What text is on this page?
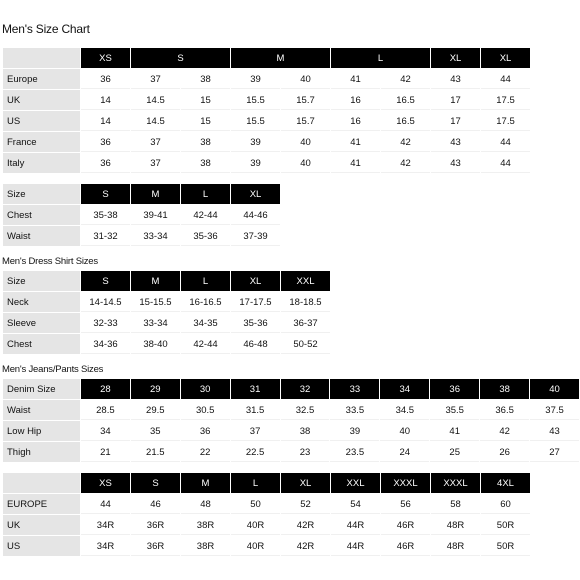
Men's Size Chart
	XS	S		M		L		XL	XL
Europe	36	37	38	39	40	41	42	43	44
UK	14	14.5	15	15.5	15.7	16	16.5	17	17.5
US	14	14.5	15	15.5	15.7	16	16.5	17	17.5
France	36	37	38	39	40	41	42	43	44
Italy	36	37	38	39	40	41	42	43	44
Size	S	M	L	XL
Chest	35-38	39-41	42-44	44-46
Waist	31-32	33-34	35-36	37-39
Men's Dress Shirt Sizes
Size	S	M	L	XL	XXL
Neck	14-14.5	15-15.5	16-16.5	17-17.5	18-18.5
Sleeve	32-33	33-34	34-35	35-36	36-37
Chest	34-36	38-40	42-44	46-48	50-52
Men's Jeans/Pants Sizes
Denim Size	28	29	30	31	32	33	34	36	38	40
Waist	28.5	29.5	30.5	31.5	32.5	33.5	34.5	35.5	36.5	37.5
Low Hip	34	35	36	37	38	39	40	41	42	43
Thigh	21	21.5	22	22.5	23	23.5	24	25	26	27
	XS	S	M	L	XL	XXL	XXXL	XXXL	4XL
EUROPE	44	46	48	50	52	54	56	58	60
UK	34R	36R	38R	40R	42R	44R	46R	48R	50R
US	34R	36R	38R	40R	42R	44R	46R	48R	50R
